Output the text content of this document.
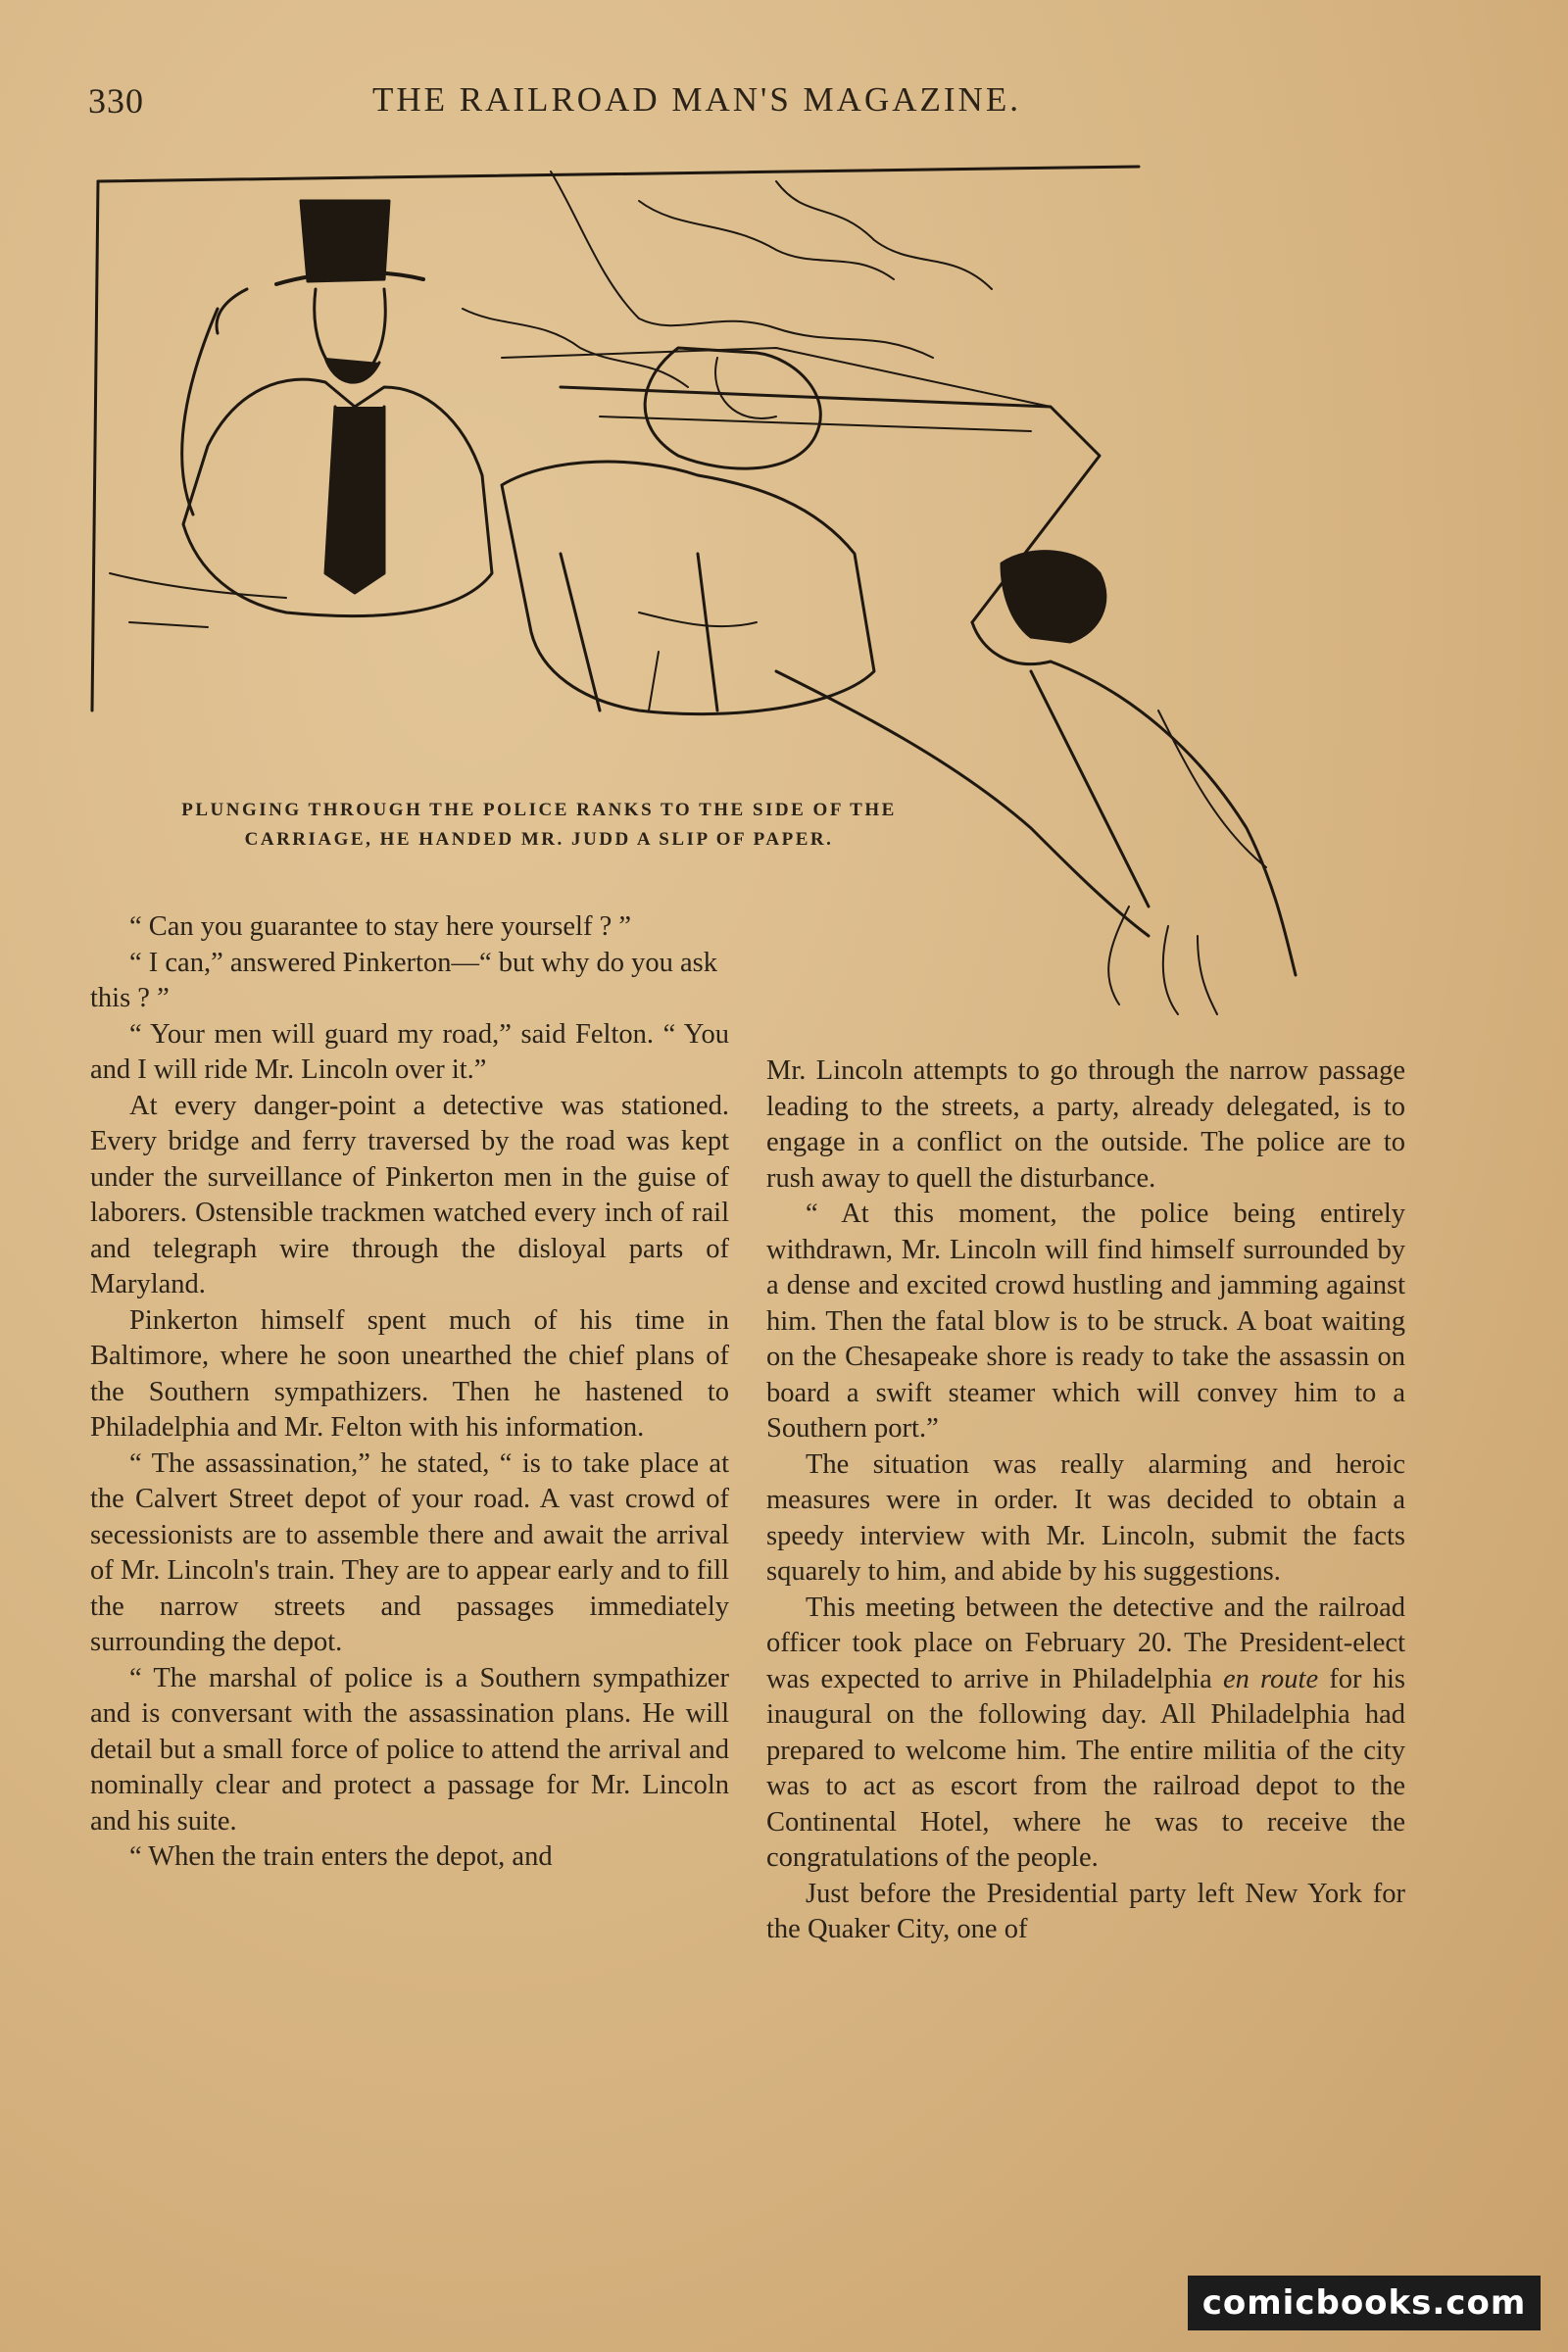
330	THE RAILROAD MAN'S MAGAZINE.
PLUNGING THROUGH THE POLICE RANKS TO THE SIDE OF THE CARRIAGE, HE HANDED MR. JUDD A SLIP OF PAPER.

“ Can you guarantee to stay here yourself ? ”

“ I can,” answered Pinkerton—“ but why do you ask this ? ”

“ Your men will guard my road,” said Felton. “ You and I will ride Mr. Lincoln over it.”

At every danger-point a detective was stationed. Every bridge and ferry traversed by the road was kept under the surveillance of Pinkerton men in the guise of laborers. Ostensible trackmen watched every inch of rail and telegraph wire through the disloyal parts of Maryland.

Pinkerton himself spent much of his time in Baltimore, where he soon unearthed the chief plans of the Southern sympathizers. Then he hastened to Philadelphia and Mr. Felton with his information.

“ The assassination,” he stated, “ is to take place at the Calvert Street depot of your road. A vast crowd of secessionists are to assemble there and await the arrival of Mr. Lincoln's train. They are to appear early and to fill the narrow streets and passages immediately surrounding the depot.

“ The marshal of police is a Southern sympathizer and is conversant with the assassination plans. He will detail but a small force of police to attend the arrival and nominally clear and protect a passage for Mr. Lincoln and his suite.

“ When the train enters the depot, and

Mr. Lincoln attempts to go through the narrow passage leading to the streets, a party, already delegated, is to engage in a conflict on the outside. The police are to rush away to quell the disturbance.

“ At this moment, the police being entirely withdrawn, Mr. Lincoln will find himself surrounded by a dense and excited crowd hustling and jamming against him. Then the fatal blow is to be struck. A boat waiting on the Chesapeake shore is ready to take the assassin on board a swift steamer which will convey him to a Southern port.”

The situation was really alarming and heroic measures were in order. It was decided to obtain a speedy interview with Mr. Lincoln, submit the facts squarely to him, and abide by his suggestions.

This meeting between the detective and the railroad officer took place on February 20. The President-elect was expected to arrive in Philadelphia en route for his inaugural on the following day. All Philadelphia had prepared to welcome him. The entire militia of the city was to act as escort from the railroad depot to the Continental Hotel, where he was to receive the congratulations of the people.

Just before the Presidential party left New York for the Quaker City, one of

comicbooks.com
